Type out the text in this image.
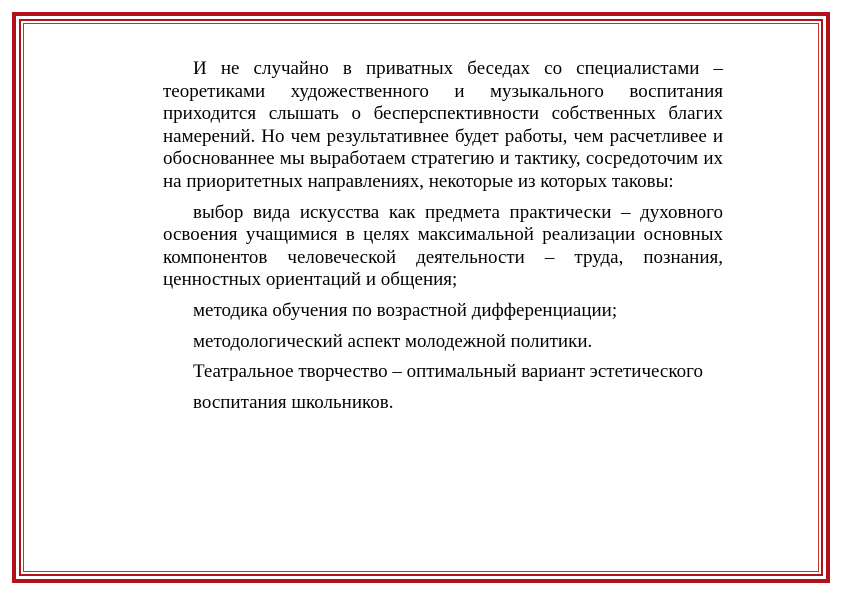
И не случайно в приватных беседах со специалистами – теоретиками художественного и музыкального воспитания приходится слышать о бесперспективности собственных благих намерений. Но чем результативнее будет работы, чем расчетливее и обоснованнее мы выработаем стратегию и тактику, сосредоточим их на приоритетных направлениях, некоторые из которых таковы:

выбор вида искусства как предмета практически – духовного освоения учащимися в целях максимальной реализации основных компонентов человеческой деятельности – труда, познания, ценностных ориентаций и общения;

методика обучения по возрастной дифференциации;

методологический аспект молодежной политики.

Театральное творчество – оптимальный вариант эстетического

воспитания школьников.
